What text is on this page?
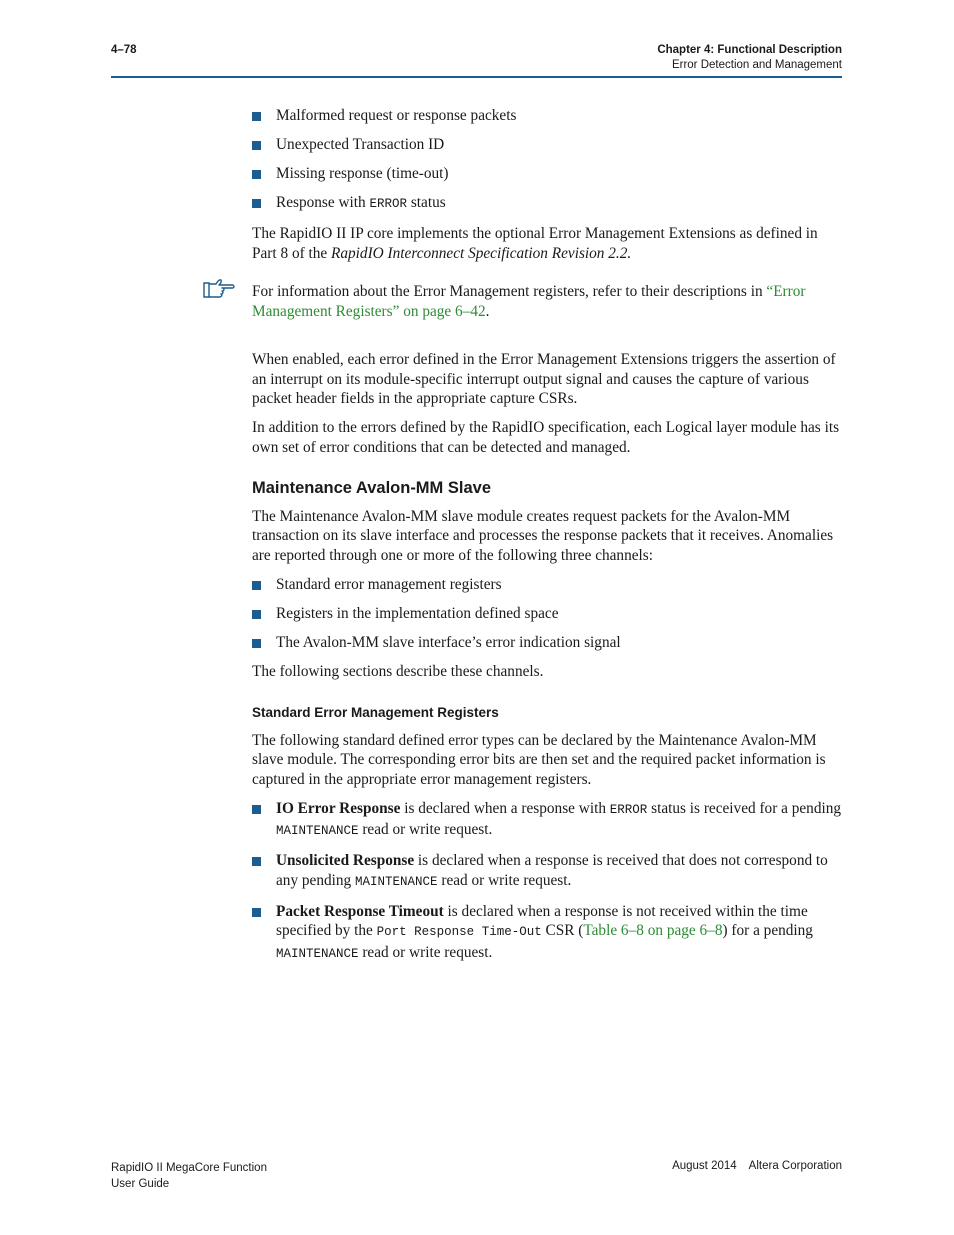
4–78	Chapter 4: Functional Description
Error Detection and Management
Malformed request or response packets
Unexpected Transaction ID
Missing response (time-out)
Response with ERROR status

The RapidIO II IP core implements the optional Error Management Extensions as defined in Part 8 of the RapidIO Interconnect Specification Revision 2.2.

For information about the Error Management registers, refer to their descriptions in “Error Management Registers” on page 6–42.

When enabled, each error defined in the Error Management Extensions triggers the assertion of an interrupt on its module-specific interrupt output signal and causes the capture of various packet header fields in the appropriate capture CSRs.

In addition to the errors defined by the RapidIO specification, each Logical layer module has its own set of error conditions that can be detected and managed.

Maintenance Avalon-MM Slave

The Maintenance Avalon-MM slave module creates request packets for the Avalon-MM transaction on its slave interface and processes the response packets that it receives. Anomalies are reported through one or more of the following three channels:

Standard error management registers
Registers in the implementation defined space
The Avalon-MM slave interface’s error indication signal

The following sections describe these channels.

Standard Error Management Registers

The following standard defined error types can be declared by the Maintenance Avalon-MM slave module. The corresponding error bits are then set and the required packet information is captured in the appropriate error management registers.

IO Error Response is declared when a response with ERROR status is received for a pending MAINTENANCE read or write request.
Unsolicited Response is declared when a response is received that does not correspond to any pending MAINTENANCE read or write request.
Packet Response Timeout is declared when a response is not received within the time specified by the Port Response Time-Out CSR (Table 6–8 on page 6–8) for a pending MAINTENANCE read or write request.
RapidIO II MegaCore Function
User Guide
August 2014 Altera Corporation
